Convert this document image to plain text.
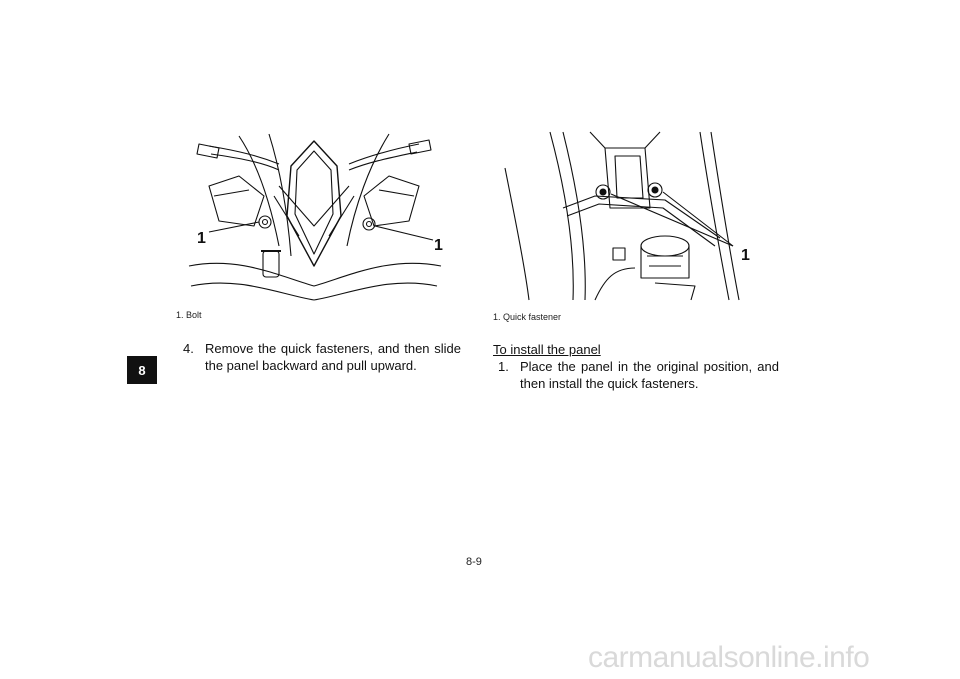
8
1	1
1. Bolt
1
1. Quick fastener
4. Remove the quick fasteners, and then slide the panel backward and pull upward.
To install the panel
1. Place the panel in the original position, and then install the quick fasteners.
8-9
carmanualsonline.info
